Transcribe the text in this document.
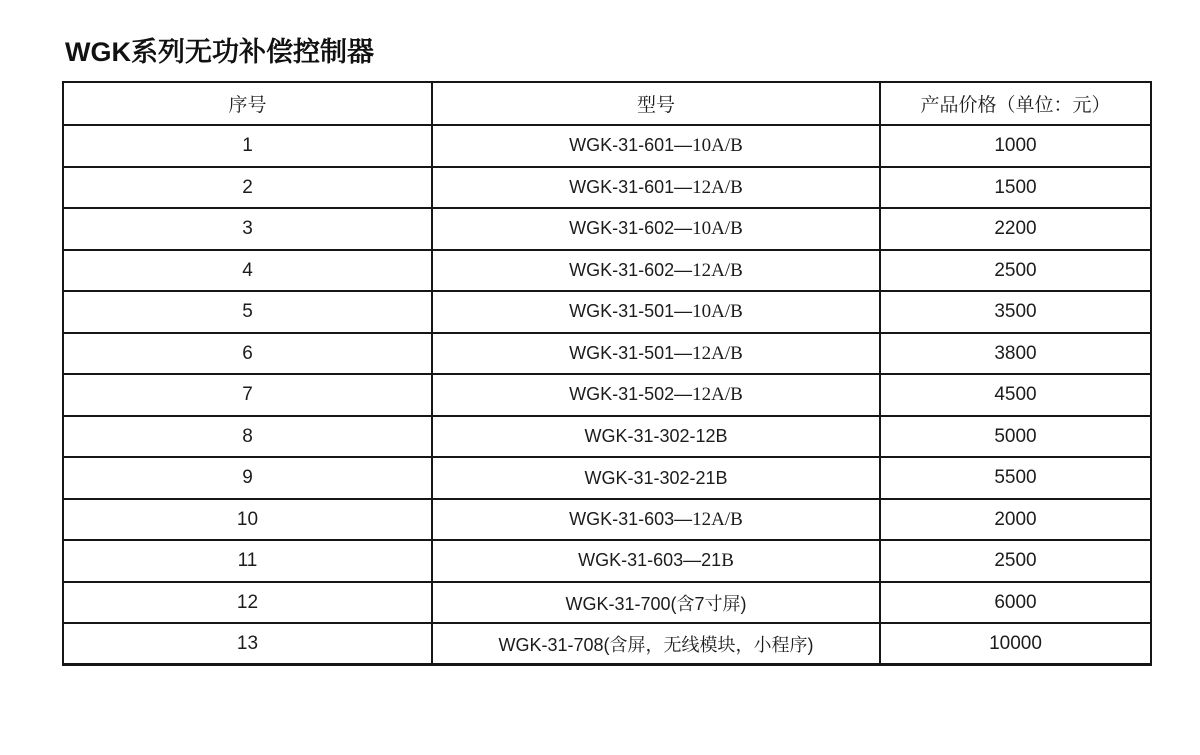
WGK系列无功补偿控制器
序号	型号	产品价格（单位：元）
1	WGK-31-601—10A/B	1000
2	WGK-31-601—12A/B	1500
3	WGK-31-602—10A/B	2200
4	WGK-31-602—12A/B	2500
5	WGK-31-501—10A/B	3500
6	WGK-31-501—12A/B	3800
7	WGK-31-502—12A/B	4500
8	WGK-31-302-12B	5000
9	WGK-31-302-21B	5500
10	WGK-31-603—12A/B	2000
11	WGK-31-603—21B	2500
12	WGK-31-700(含7寸屏)	6000
13	WGK-31-708(含屏，无线模块，小程序)	10000
